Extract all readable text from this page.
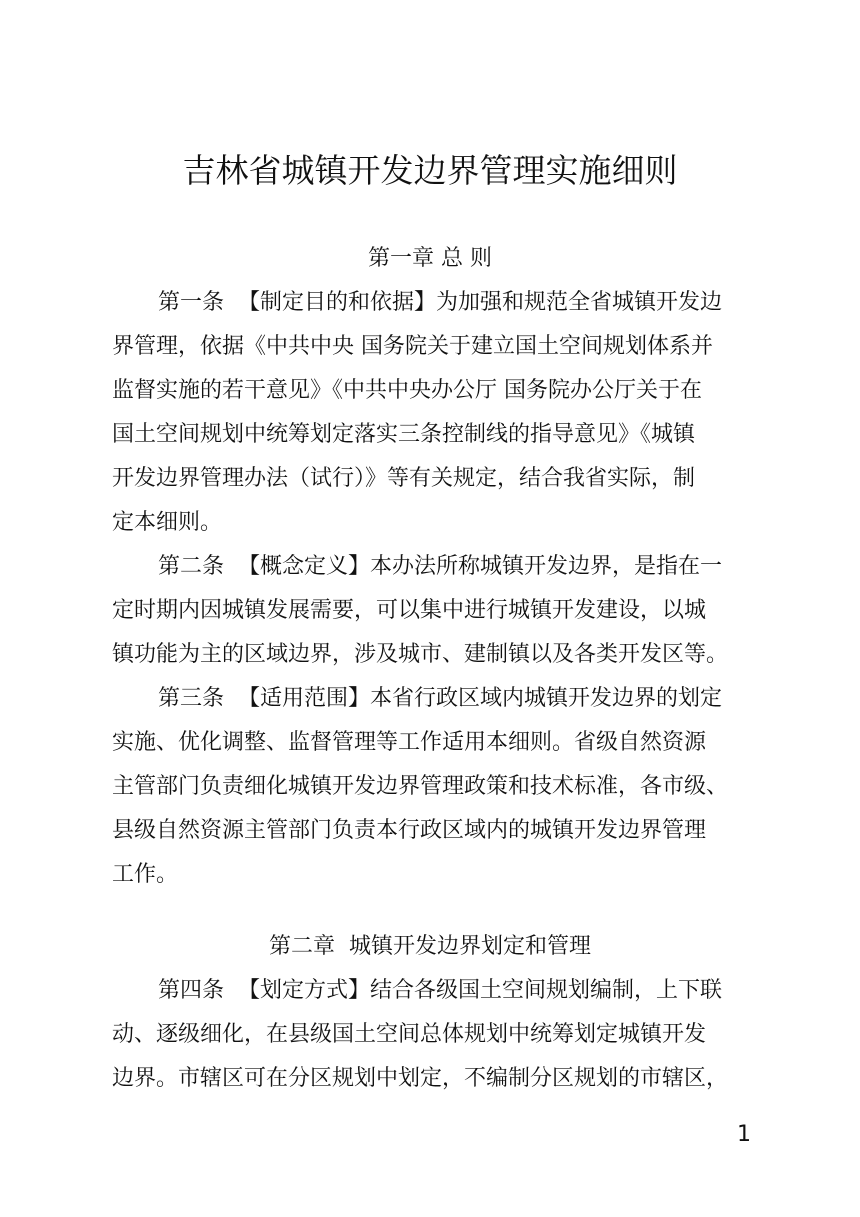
吉林省城镇开发边界管理实施细则
第一章 总 则
第一条  【制定目的和依据】为加强和规范全省城镇开发边
界管理，依据《中共中央 国务院关于建立国土空间规划体系并
监督实施的若干意见》《中共中央办公厅 国务院办公厅关于在
国土空间规划中统筹划定落实三条控制线的指导意见》《城镇
开发边界管理办法（试行）》等有关规定，结合我省实际，制
定本细则。
第二条  【概念定义】本办法所称城镇开发边界，是指在一
定时期内因城镇发展需要，可以集中进行城镇开发建设，以城
镇功能为主的区域边界，涉及城市、建制镇以及各类开发区等。
第三条  【适用范围】本省行政区域内城镇开发边界的划定
实施、优化调整、监督管理等工作适用本细则。省级自然资源
主管部门负责细化城镇开发边界管理政策和技术标准，各市级、
县级自然资源主管部门负责本行政区域内的城镇开发边界管理
工作。
第二章  城镇开发边界划定和管理
第四条  【划定方式】结合各级国土空间规划编制，上下联
动、逐级细化，在县级国土空间总体规划中统筹划定城镇开发
边界。市辖区可在分区规划中划定，不编制分区规划的市辖区，
1
